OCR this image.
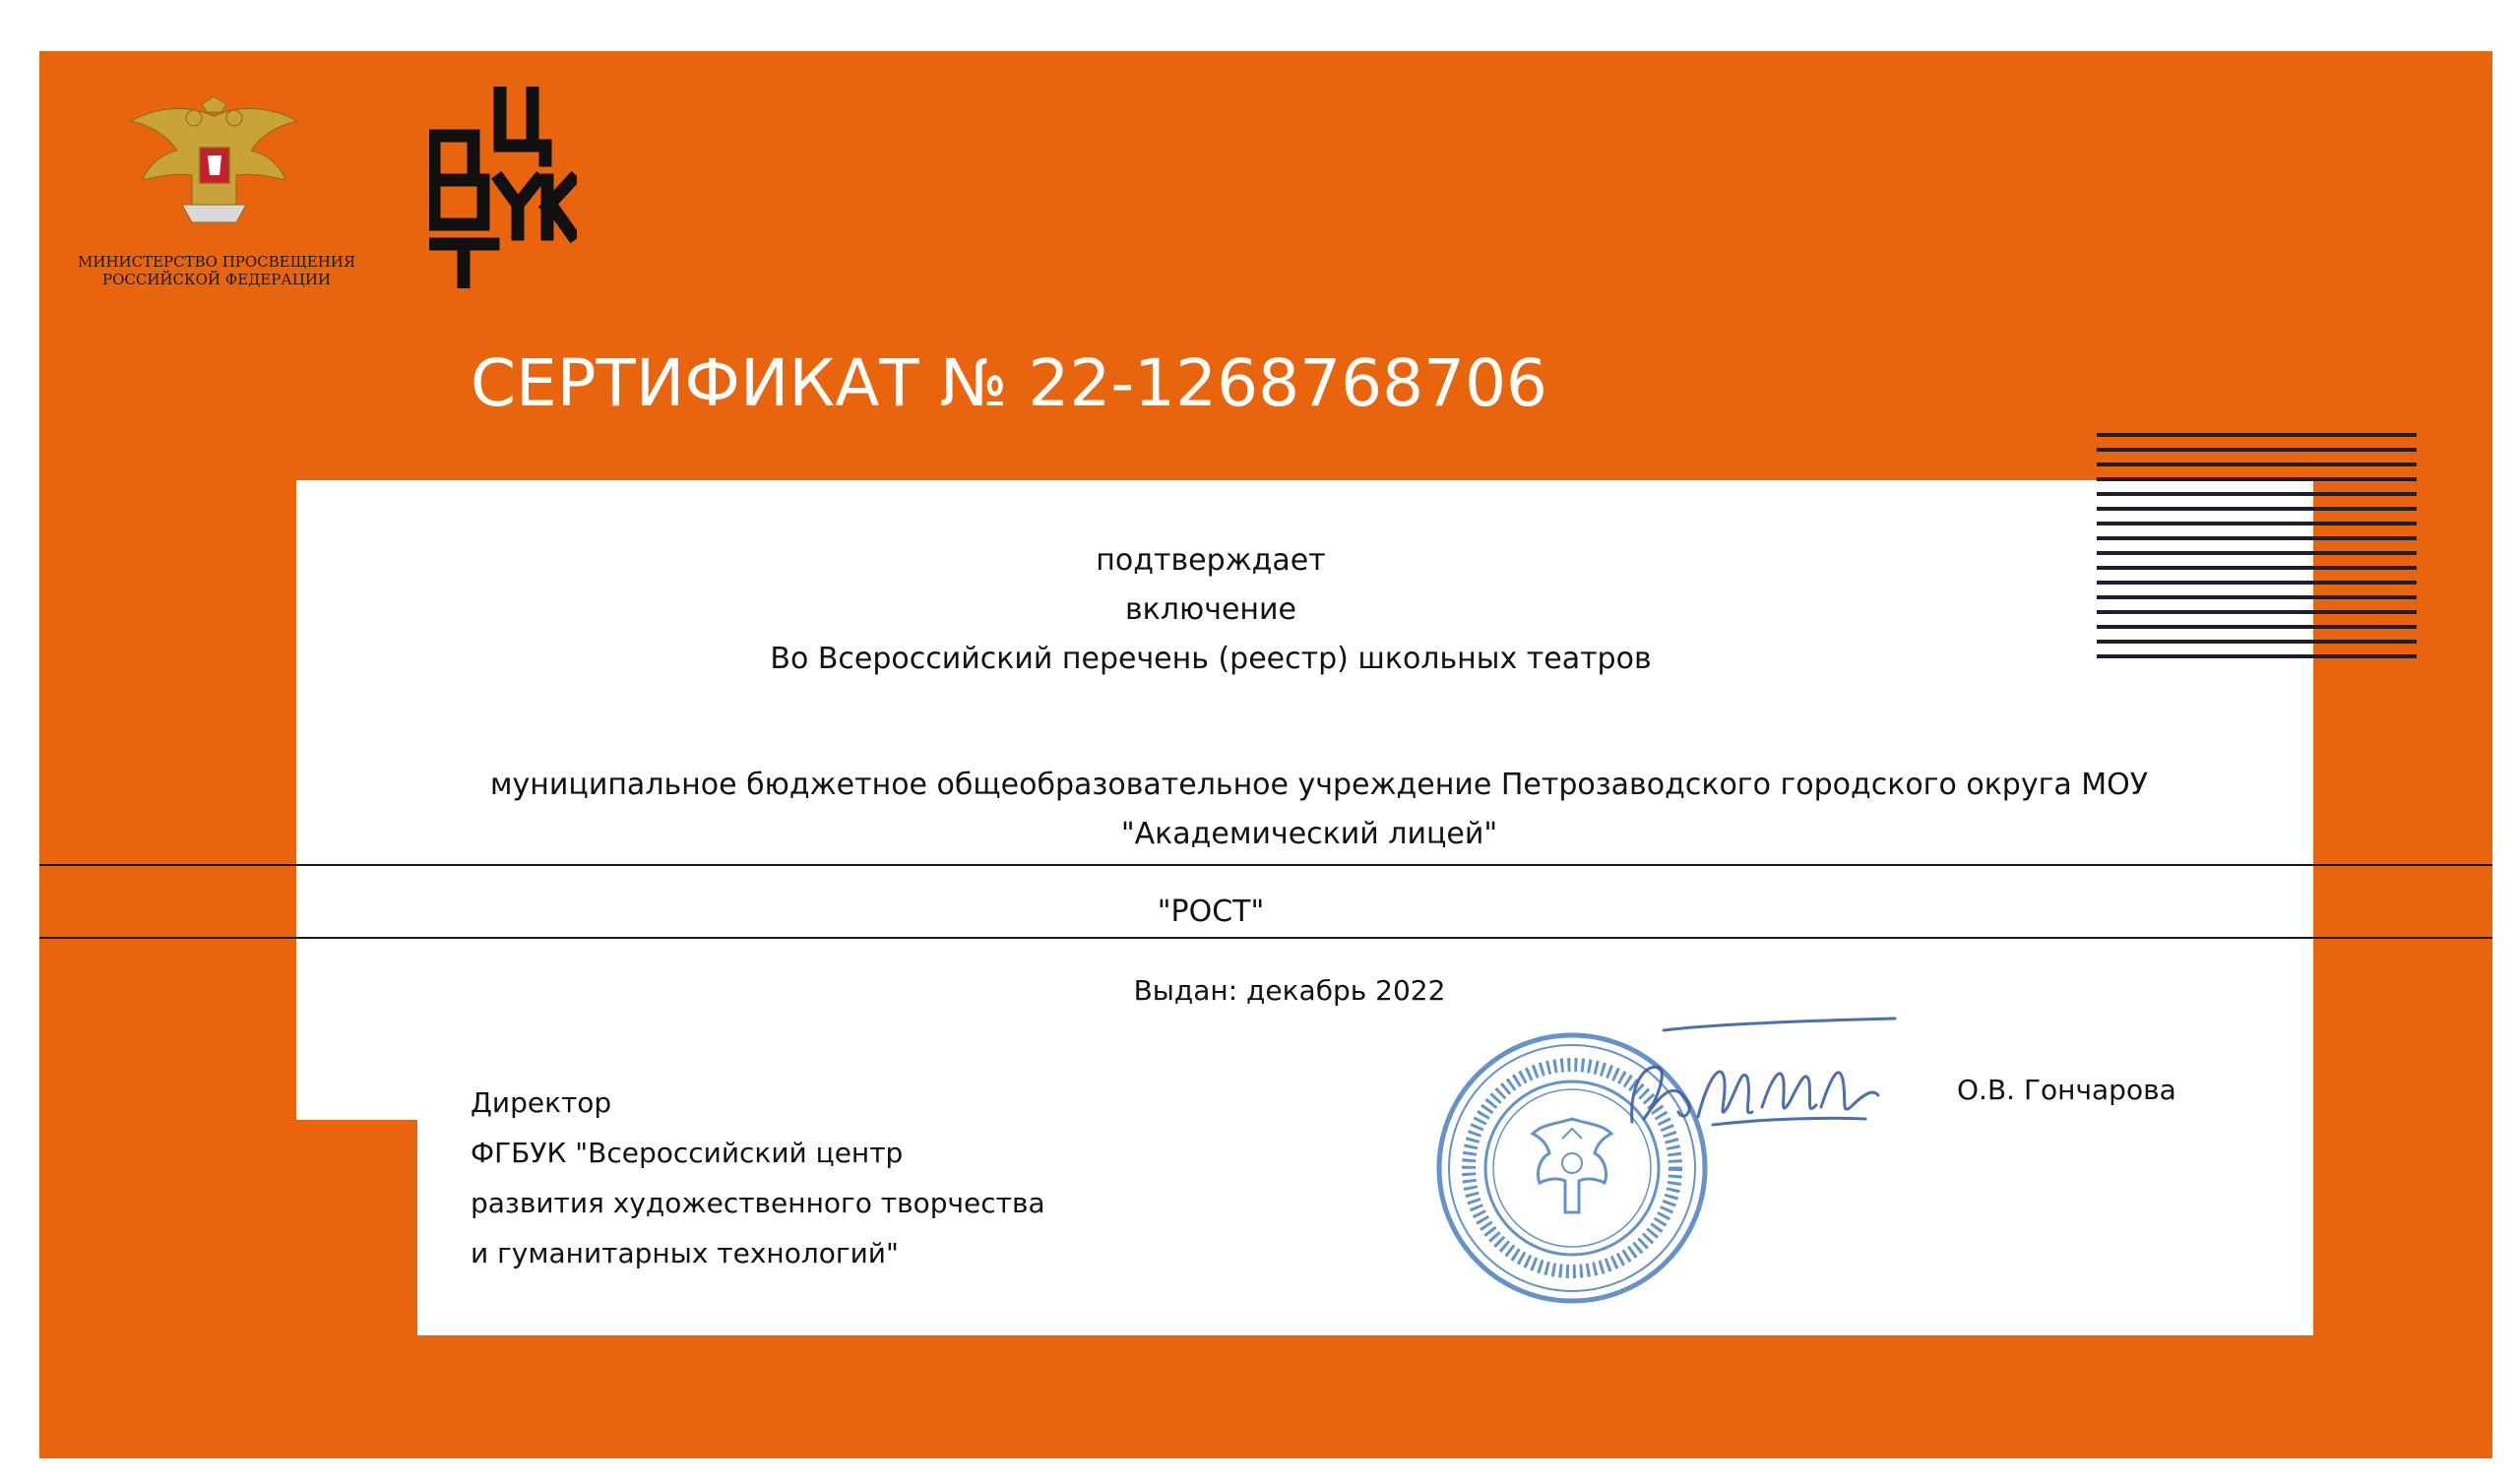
МИНИСТЕРСТВО ПРОСВЕЩЕНИЯ
РОССИЙСКОЙ ФЕДЕРАЦИИ
СЕРТИФИКАТ № 22-1268768706
подтверждает
включение
Во Всероссийский перечень (реестр) школьных театров
муниципальное бюджетное общеобразовательное учреждение Петрозаводского городского округа МОУ
"Академический лицей"
"РОСТ"
Выдан: декабрь 2022
Директор
ФГБУК "Всероссийский центр
развития художественного творчества
и гуманитарных технологий"
О.В. Гончарова
